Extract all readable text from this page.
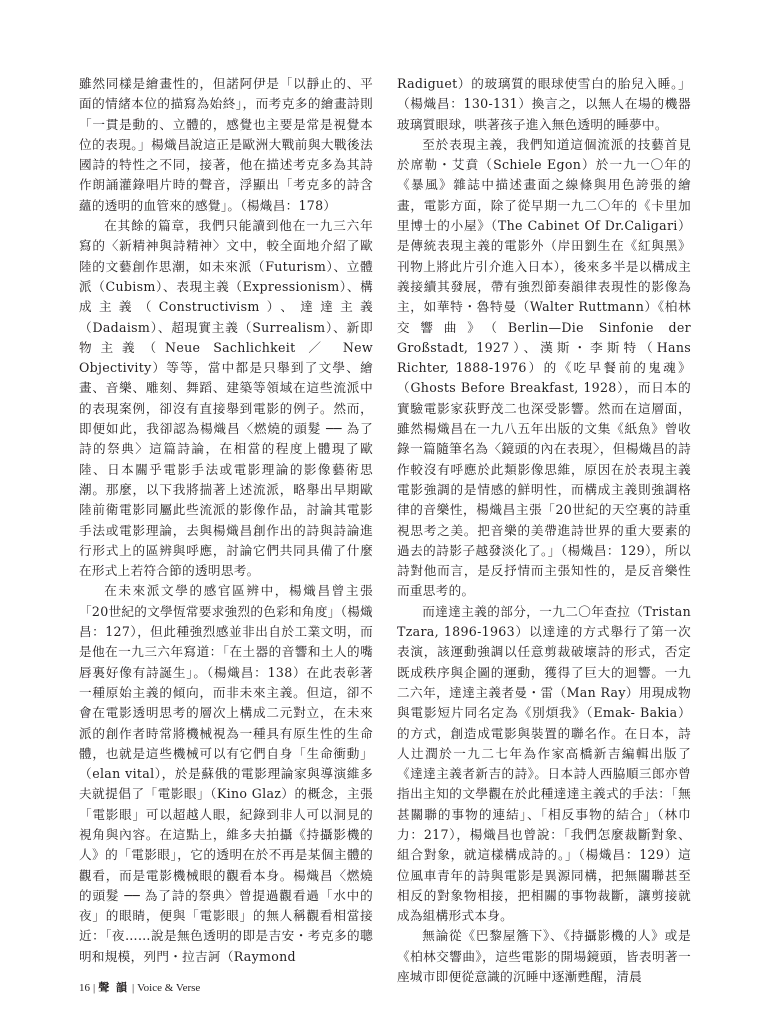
雖然同樣是繪畫性的，但諾阿伊是「以靜止的、平面的情緒本位的描寫為始終」，而考克多的繪畫詩則「一貫是動的、立體的，感覺也主要是常是視覺本位的表現。」楊熾昌說這正是歐洲大戰前與大戰後法國詩的特性之不同，接著，他在描述考克多為其詩作朗誦灌錄唱片時的聲音，浮顯出「考克多的詩含蘊的透明的血管來的感覺」。（楊熾昌：178）

在其餘的篇章，我們只能讀到他在一九三六年寫的〈新精神與詩精神〉文中，較全面地介紹了歐陸的文藝創作思潮，如未來派（Futurism）、立體派（Cubism）、表現主義（Expressionism）、構成主義（Constructivism）、達達主義（Dadaism）、超現實主義（Surrealism）、新即物主義（Neue Sachlichkeit ／ New Objectivity）等等，當中都是只舉到了文學、繪畫、音樂、雕刻、舞蹈、建築等領域在這些流派中的表現案例，卻沒有直接舉到電影的例子。然而，即便如此，我卻認為楊熾昌〈燃燒的頭髮 ── 為了詩的祭典〉這篇詩論，在相當的程度上體現了歐陸、日本關乎電影手法或電影理論的影像藝術思潮。那麼，以下我將揣著上述流派，略舉出早期歐陸前衛電影同屬此些流派的影像作品，討論其電影手法或電影理論，去與楊熾昌創作出的詩與詩論進行形式上的區辨與呼應，討論它們共同具備了什麼在形式上若符合節的透明思考。

在未來派文學的感官區辨中，楊熾昌曾主張「20世紀的文學恆常要求強烈的色彩和角度」（楊熾昌：127），但此種強烈感並非出自於工業文明，而是他在一九三六年寫道：「在土器的音響和土人的嘴唇裏好像有詩誕生」。（楊熾昌：138）在此表彰著一種原始主義的傾向，而非未來主義。但這，卻不會在電影透明思考的層次上構成二元對立，在未來派的創作者時常將機械視為一種具有原生性的生命體，也就是這些機械可以有它們自身「生命衝動」（elan vital），於是蘇俄的電影理論家與導演維多夫就提倡了「電影眼」（Kino Glaz）的概念，主張「電影眼」可以超越人眼，紀錄到非人可以洞見的視角與內容。在這點上，維多夫拍攝《持攝影機的人》的「電影眼」，它的透明在於不再是某個主體的觀看，而是電影機械眼的觀看本身。楊熾昌〈燃燒的頭髮 ── 為了詩的祭典〉曾提過觀看過「水中的夜」的眼睛，便與「電影眼」的無人稱觀看相當接近：「夜……說是無色透明的即是吉安・考克多的聰明和規模，列門・拉吉訶（Raymond

Radiguet）的玻璃質的眼球使雪白的胎兒入睡。」（楊熾昌：130-131）換言之，以無人在場的機器玻璃質眼球，哄著孩子進入無色透明的睡夢中。

至於表現主義，我們知道這個流派的技藝首見於席勒・艾賁（Schiele Egon）於一九一〇年的《暴風》雜誌中描述畫面之線條與用色誇張的繪畫，電影方面，除了從早期一九二〇年的《卡里加里博士的小屋》（The Cabinet Of Dr.Caligari）是傳統表現主義的電影外（岸田劉生在《紅與黑》刊物上將此片引介進入日本），後來多半是以構成主義接續其發展，帶有強烈節奏韻律表現性的影像為主，如華特・魯特曼（Walter Ruttmann）《柏林交響曲》（Berlin—Die Sinfonie der Großstadt, 1927）、漢斯・李斯特（Hans Richter, 1888-1976）的《吃早餐前的鬼魂》（Ghosts Before Breakfast, 1928），而日本的實驗電影家荻野茂二也深受影響。然而在這層面，雖然楊熾昌在一九八五年出版的文集《紙魚》曾收錄一篇隨筆名為〈鏡頭的內在表現〉，但楊熾昌的詩作較沒有呼應於此類影像思維，原因在於表現主義電影強調的是情感的鮮明性，而構成主義則強調格律的音樂性，楊熾昌主張「20世紀的天空裏的詩重視思考之美。把音樂的美帶進詩世界的重大要素的過去的詩影子越發淡化了。」（楊熾昌：129），所以詩對他而言，是反抒情而主張知性的，是反音樂性而重思考的。

而達達主義的部分，一九二〇年查拉（Tristan Tzara, 1896-1963）以達達的方式舉行了第一次表演，該運動強調以任意剪裁破壞詩的形式，否定既成秩序與企圖的運動，獲得了巨大的迴響。一九二六年，達達主義者曼・雷（Man Ray）用現成物與電影短片同名定為《別煩我》（Emak- Bakia）的方式，創造成電影與裝置的聯名作。在日本，詩人辻潤於一九二七年為作家高橋新吉編輯出版了《達達主義者新吉的詩》。日本詩人西脇順三郎亦曾指出主知的文學觀在於此種達達主義式的手法：「無甚關聯的事物的連結」、「相反事物的結合」（林巾力：217），楊熾昌也曾說：「我們怎麼裁斷對象、組合對象，就這樣構成詩的。」（楊熾昌：129）這位風車青年的詩與電影是異源同構，把無關聯甚至相反的對象物相接，把相關的事物裁斷，讓剪接就成為組構形式本身。

無論從《巴黎屋簷下》、《持攝影機的人》或是《柏林交響曲》，這些電影的開場鏡頭，皆表明著一座城市即便從意識的沉睡中逐漸甦醒，清晨

16 | 聲 韻 | Voice & Verse
